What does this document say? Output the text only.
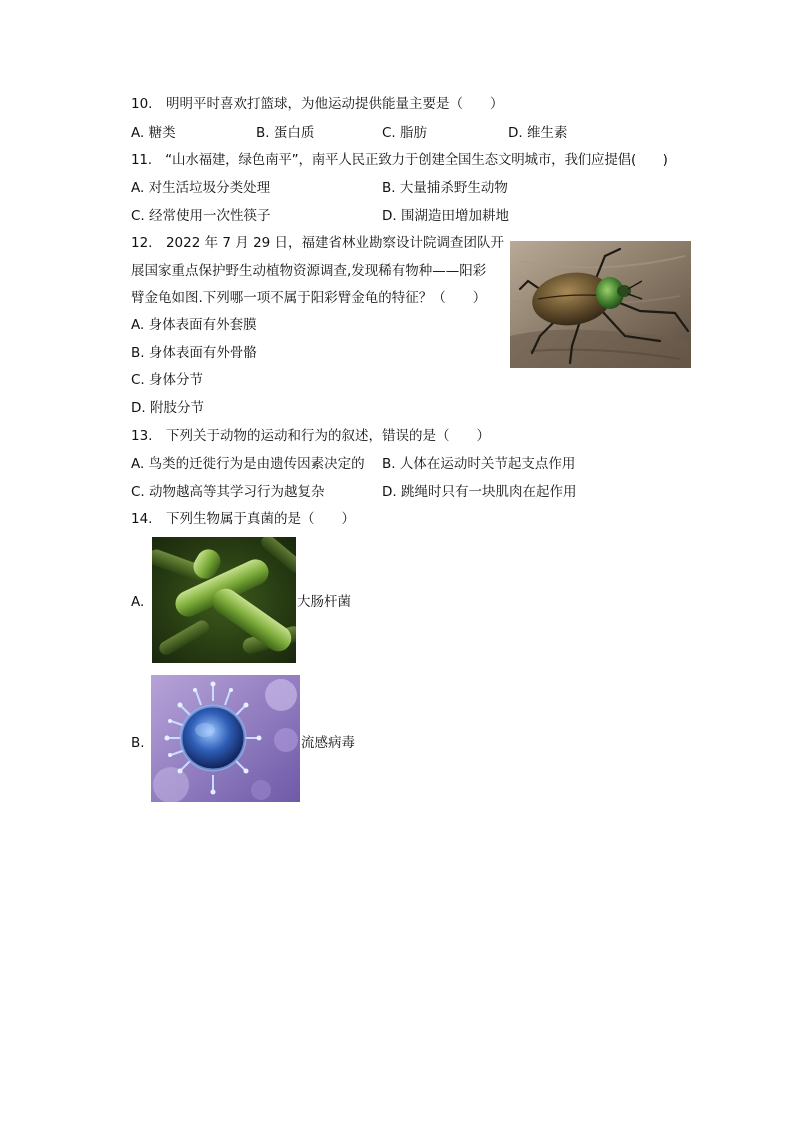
10.　明明平时喜欢打篮球，为他运动提供能量主要是（　　）
A. 糖类	B. 蛋白质	C. 脂肪	D. 维生素
11.　“山水福建，绿色南平”，南平人民正致力于创建全国生态文明城市，我们应提倡(　　)
A. 对生活垃圾分类处理	B. 大量捕杀野生动物
C. 经常使用一次性筷子	D. 围湖造田增加耕地
12.　2022 年 7 月 29 日，福建省林业勘察设计院调查团队开
展国家重点保护野生动植物资源调查,发现稀有物种——阳彩
臂金龟如图.下列哪一项不属于阳彩臂金龟的特征？（　　）
A. 身体表面有外套膜
B. 身体表面有外骨骼
C. 身体分节
D. 附肢分节
13.　下列关于动物的运动和行为的叙述，错误的是（　　）
A. 鸟类的迁徙行为是由遗传因素决定的 B. 人体在运动时关节起支点作用
C. 动物越高等其学习行为越复杂	D. 跳绳时只有一块肌肉在起作用
14.　下列生物属于真菌的是（　　）
A.	大肠杆菌
B.	流感病毒
